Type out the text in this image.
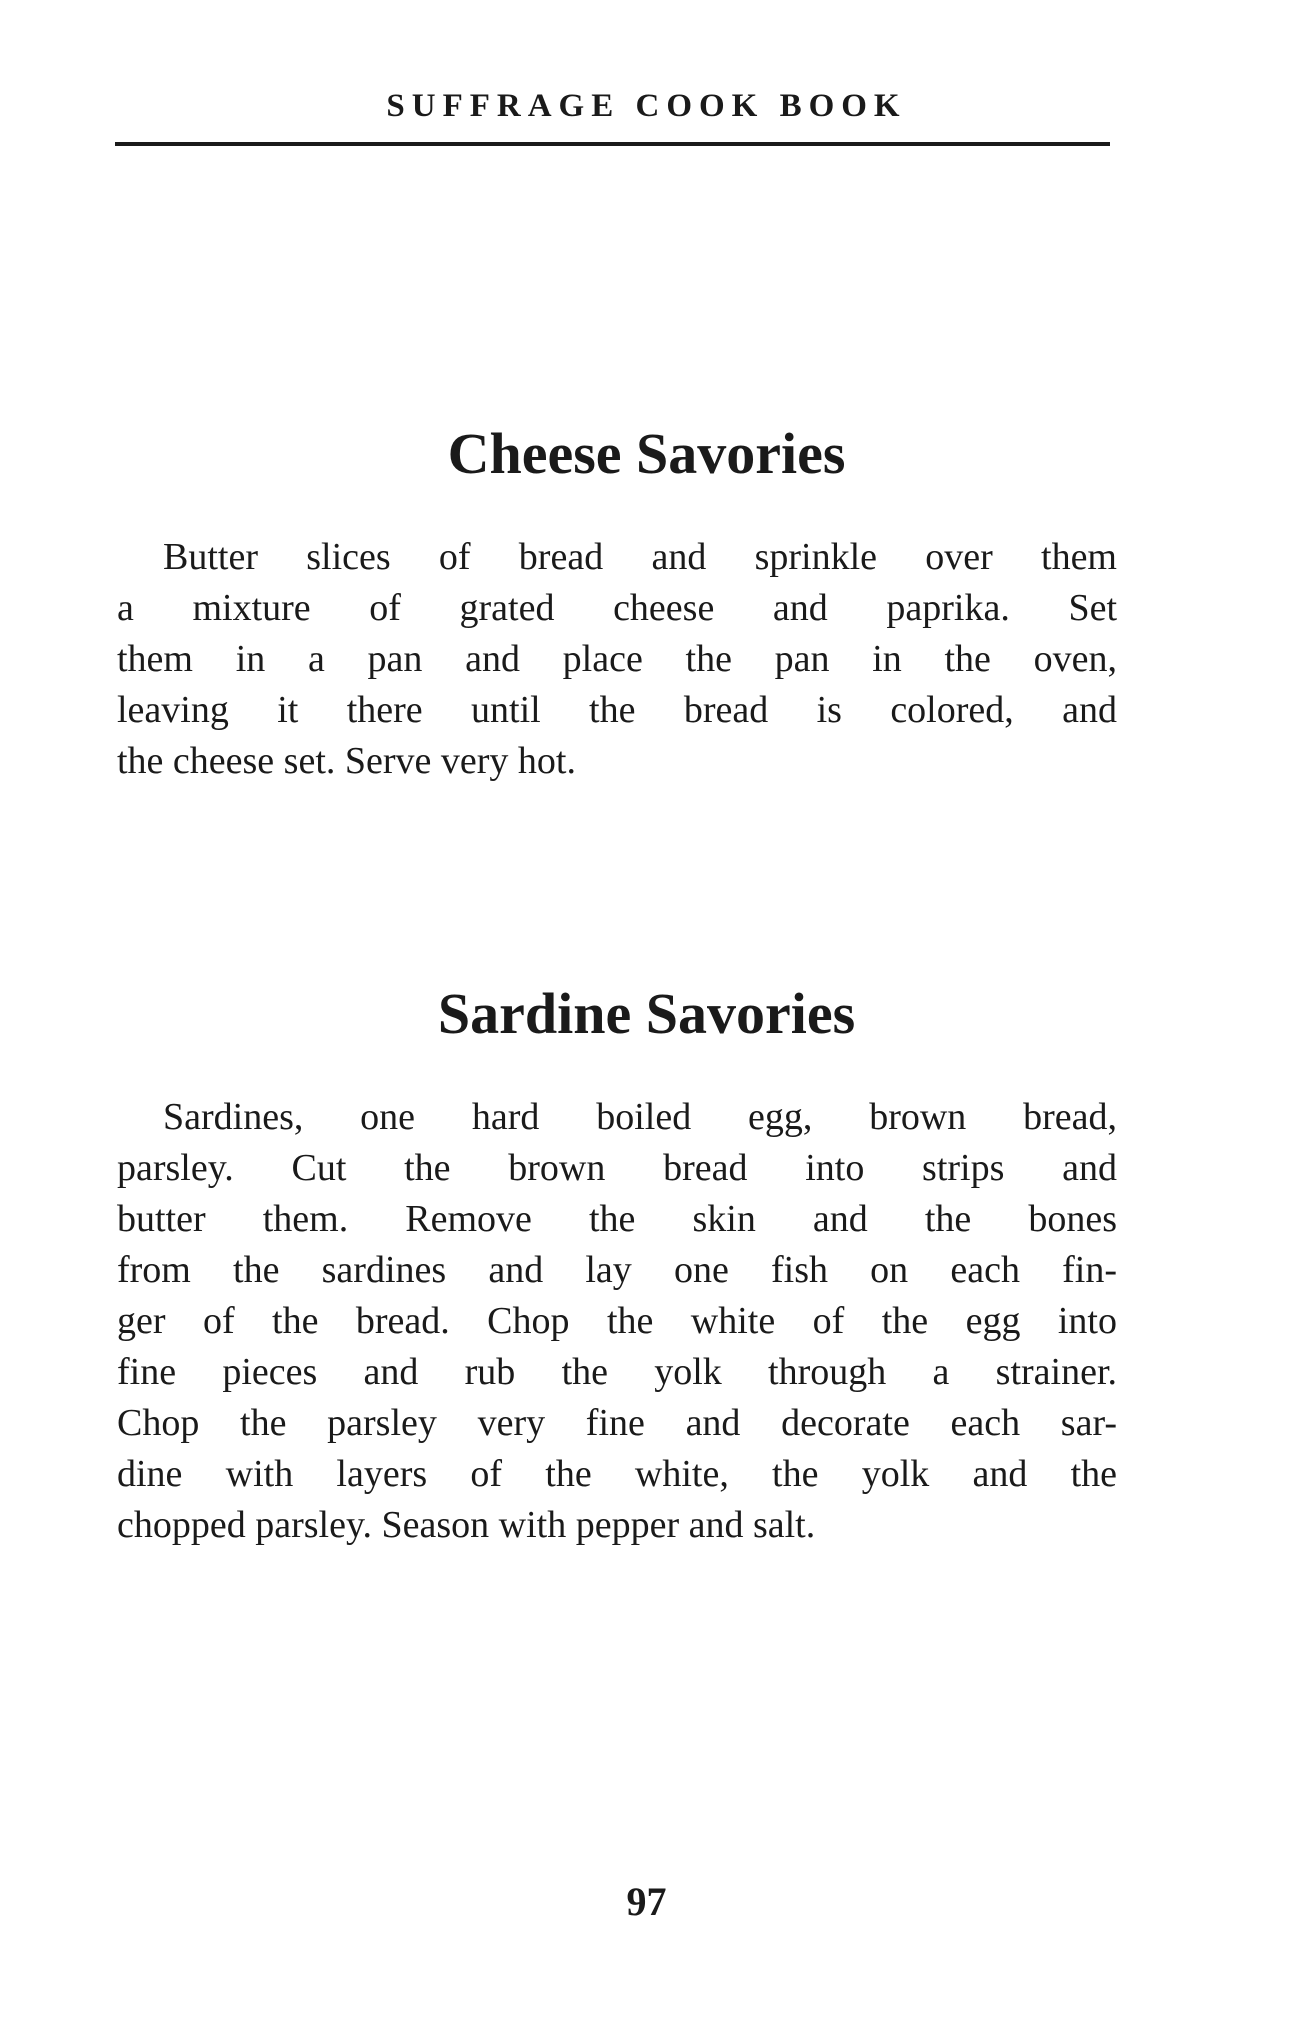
SUFFRAGE COOK BOOK
Cheese Savories

Butter slices of bread and sprinkle over them
a mixture of grated cheese and paprika. Set
them in a pan and place the pan in the oven,
leaving it there until the bread is colored, and
the cheese set. Serve very hot.

Sardine Savories

Sardines, one hard boiled egg, brown bread,
parsley. Cut the brown bread into strips and
butter them. Remove the skin and the bones
from the sardines and lay one fish on each fin-
ger of the bread. Chop the white of the egg into
fine pieces and rub the yolk through a strainer.
Chop the parsley very fine and decorate each sar-
dine with layers of the white, the yolk and the
chopped parsley. Season with pepper and salt.

97
